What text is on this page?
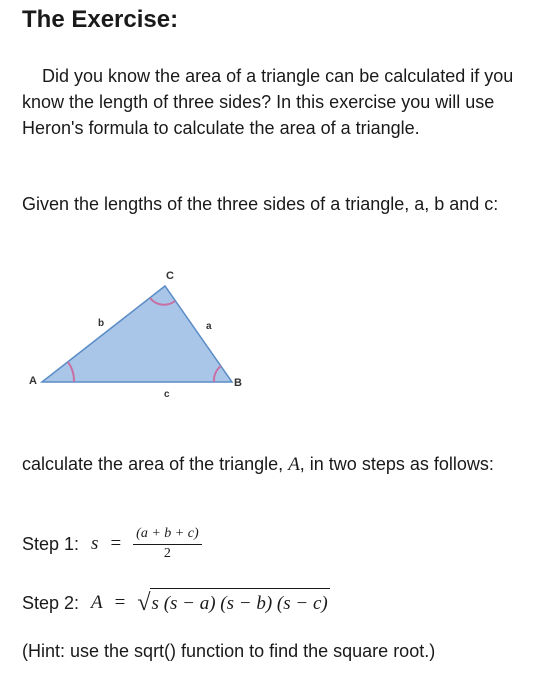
The Exercise:

Did you know the area of a triangle can be calculated if you know the length of three sides? In this exercise you will use Heron's formula to calculate the area of a triangle.

Given the lengths of the three sides of a triangle, a, b and c:

A	B
C
a
b
c

calculate the area of the triangle, A, in two steps as follows:

Step 1: $s = \frac{(a + b + c)}{2}$
Step 2: A = √ s (s − a) (s − b) (s − c)

(Hint: use the sqrt() function to find the square root.)
